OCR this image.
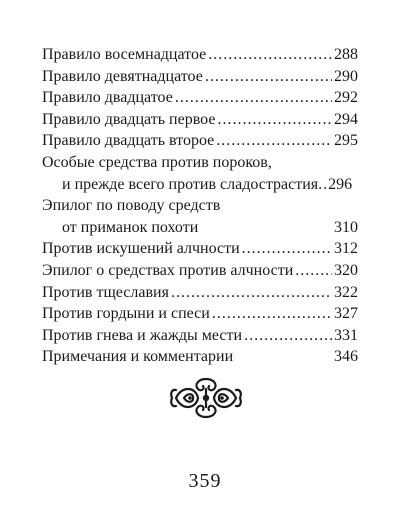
Правило восемнадцатое .....	288
Правило девятнадцатое .....	290
Правило двадцатое .....	292
Правило двадцать первое .....	294
Правило двадцать второе .....	295
Особые средства против пороков,
и прежде всего против сладострастия. ..... 296
Эпилог по поводу средств
от приманок похоти	310
Против искушений алчности .....	312
Эпилог о средствах против алчности .....	320
Против тщеславия .....	322
Против гордыни и спеси .....	327
Против гнева и жажды мести .....	331
Примечания и комментарии	346
359
